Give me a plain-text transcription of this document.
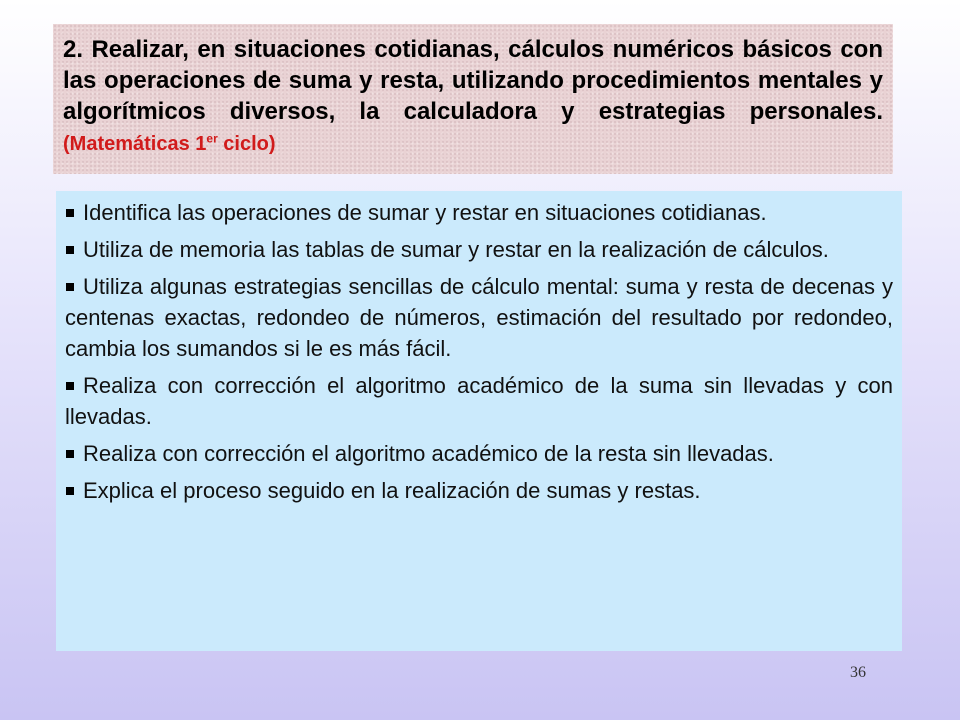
2. Realizar, en situaciones cotidianas, cálculos numéricos básicos con las operaciones de suma y resta, utilizando procedimientos mentales y algorítmicos diversos, la calculadora y estrategias personales. (Matemáticas 1er ciclo)

Identifica las operaciones de sumar y restar en situaciones cotidianas.
Utiliza de memoria las tablas de sumar y restar en la realización de cálculos.
Utiliza algunas estrategias sencillas de cálculo mental: suma y resta de decenas y centenas exactas, redondeo de números, estimación del resultado por redondeo, cambia los sumandos si le es más fácil.
Realiza con corrección el algoritmo académico de la suma sin llevadas y con llevadas.
Realiza con corrección el algoritmo académico de la resta sin llevadas.
Explica el proceso seguido en la realización de sumas y restas.
36
